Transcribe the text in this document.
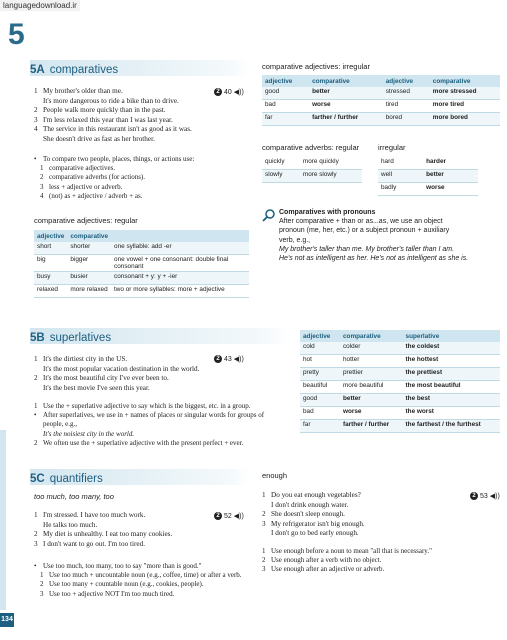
languagedownload.ir
5
5A comparatives
2 40 ◀))
1 My brother's older than me.
It's more dangerous to ride a bike than to drive.
2 People walk more quickly than in the past.
3 I'm less relaxed this year than I was last year.
4 The service in this restaurant isn't as good as it was.
She doesn't drive as fast as her brother.
• To compare two people, places, things, or actions use:
1 comparative adjectives.
2 comparative adverbs (for actions).
3 less + adjective or adverb.
4 (not) as + adjective / adverb + as.
comparative adjectives: regular
adjective	comparative	
short	shorter	one syllable: add -er
big	bigger	one vowel + one consonant: double final consonant
busy	busier	consonant + y: y + -ier
relaxed	more relaxed	two or more syllables: more + adjective
comparative adjectives: irregular
adjective	comparative	adjective	comparative
good	better	stressed	more stressed
bad	worse	tired	more tired
far	farther / further	bored	more bored
comparative adverbs: regular	irregular
quickly	more quickly
slowly	more slowly
hard	harder
well	better
badly	worse
Comparatives with pronouns
After comparative + than or as...as, we use an object
pronoun (me, her, etc.) or a subject pronoun + auxiliary
verb, e.g.,
My brother's taller than me. My brother's taller than I am.
He's not as intelligent as her. He's not as intelligent as she is.
5B superlatives
2 43 ◀))
1 It's the dirtiest city in the US.
It's the most popular vacation destination in the world.
2 It's the most beautiful city I've ever been to.
It's the best movie I've seen this year.
1 Use the + superlative adjective to say which is the biggest, etc. in a group.
• After superlatives, we use in + names of places or singular words for groups of people, e.g.,
It's the noisiest city in the world.
2 We often use the + superlative adjective with the present perfect + ever.
adjective	comparative	superlative
cold	colder	the coldest
hot	hotter	the hottest
pretty	prettier	the prettiest
beautiful	more beautiful	the most beautiful
good	better	the best
bad	worse	the worst
far	farther / further	the farthest / the furthest
5C quantifiers
too much, too many, too
2 52 ◀))
1 I'm stressed. I have too much work.
He talks too much.
2 My diet is unhealthy. I eat too many cookies.
3 I don't want to go out. I'm too tired.
• Use too much, too many, too to say "more than is good."
1 Use too much + uncountable noun (e.g., coffee, time) or after a verb.
2 Use too many + countable noun (e.g., cookies, people).
3 Use too + adjective NOT I'm too much tired.
enough
2 53 ◀))
1 Do you eat enough vegetables?
I don't drink enough water.
2 She doesn't sleep enough.
3 My refrigerator isn't big enough.
I don't go to bed early enough.
1 Use enough before a noun to mean "all that is necessary."
2 Use enough after a verb with no object.
3 Use enough after an adjective or adverb.
134
